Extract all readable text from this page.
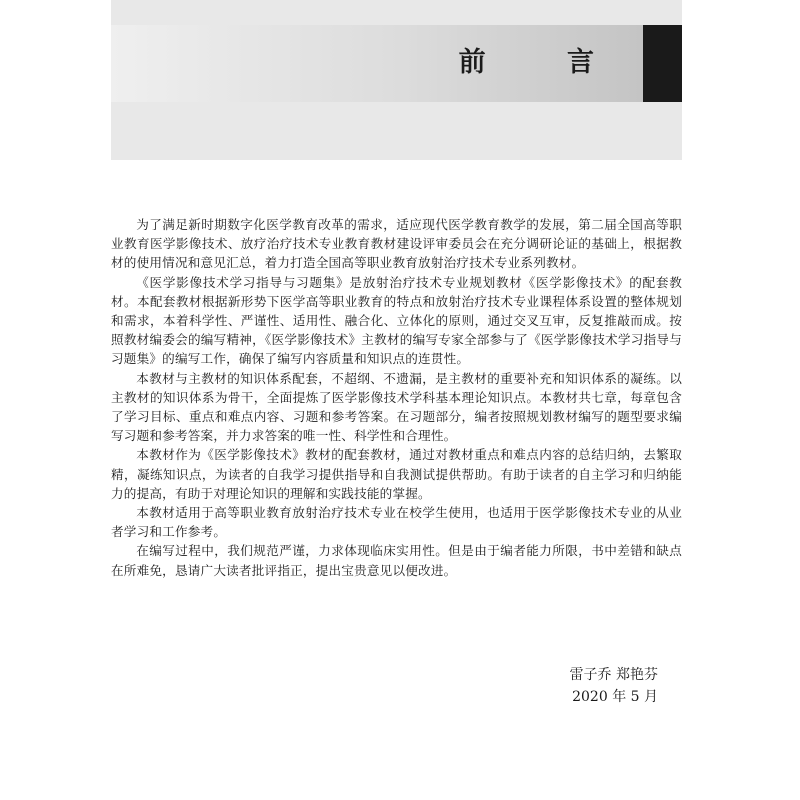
前 言

为了满足新时期数字化医学教育改革的需求，适应现代医学教育教学的发展，第二届全国高等职业教育医学影像技术、放疗治疗技术专业教育教材建设评审委员会在充分调研论证的基础上，根据教材的使用情况和意见汇总，着力打造全国高等职业教育放射治疗技术专业系列教材。

《医学影像技术学习指导与习题集》是放射治疗技术专业规划教材《医学影像技术》的配套教材。本配套教材根据新形势下医学高等职业教育的特点和放射治疗技术专业课程体系设置的整体规划和需求，本着科学性、严谨性、适用性、融合化、立体化的原则，通过交叉互审，反复推敲而成。按照教材编委会的编写精神，《医学影像技术》主教材的编写专家全部参与了《医学影像技术学习指导与习题集》的编写工作，确保了编写内容质量和知识点的连贯性。

本教材与主教材的知识体系配套，不超纲、不遗漏，是主教材的重要补充和知识体系的凝练。以主教材的知识体系为骨干，全面提炼了医学影像技术学科基本理论知识点。本教材共七章，每章包含了学习目标、重点和难点内容、习题和参考答案。在习题部分，编者按照规划教材编写的题型要求编写习题和参考答案，并力求答案的唯一性、科学性和合理性。

本教材作为《医学影像技术》教材的配套教材，通过对教材重点和难点内容的总结归纳，去繁取精，凝练知识点，为读者的自我学习提供指导和自我测试提供帮助。有助于读者的自主学习和归纳能力的提高，有助于对理论知识的理解和实践技能的掌握。

本教材适用于高等职业教育放射治疗技术专业在校学生使用，也适用于医学影像技术专业的从业者学习和工作参考。

在编写过程中，我们规范严谨，力求体现临床实用性。但是由于编者能力所限，书中差错和缺点在所难免，恳请广大读者批评指正，提出宝贵意见以便改进。

雷子乔 郑艳芬
2020 年 5 月
